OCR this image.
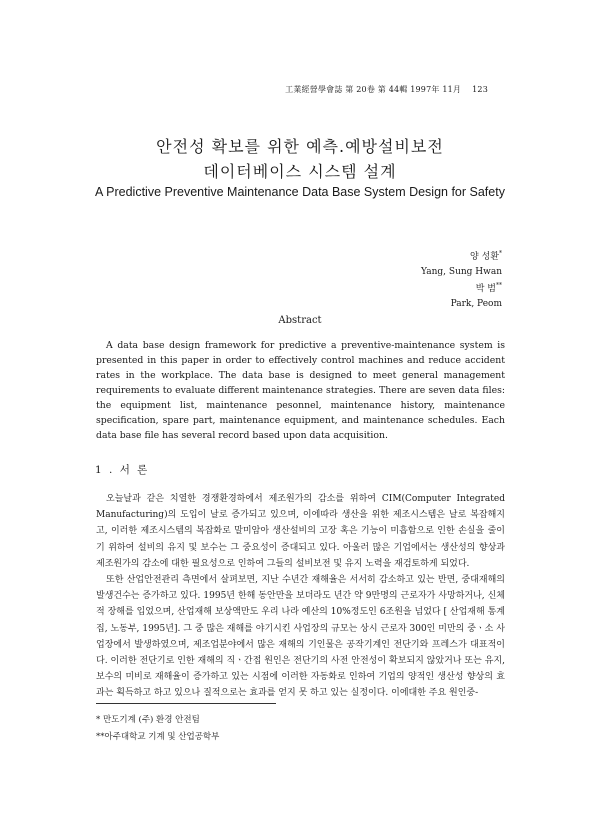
工業經營學會誌 第 20卷 第 44輯 1997年 11月 123
안전성 확보를 위한 예측.예방설비보전
데이터베이스 시스템 설계
A Predictive Preventive Maintenance Data Base System Design for Safety
양 성환*
Yang, Sung Hwan
박 범**
Park, Peom
Abstract
A data base design framework for predictive a preventive-maintenance system is presented in this paper in order to effectively control machines and reduce accident rates in the workplace. The data base is designed to meet general management requirements to evaluate different maintenance strategies. There are seven data files: the equipment list, maintenance pesonnel, maintenance history, maintenance specification, spare part, maintenance equipment, and maintenance schedules. Each data base file has several record based upon data acquisition.
1 . 서 론

오늘날과 같은 치열한 경쟁환경하에서 제조원가의 감소를 위하여 CIM(Computer Integrated Manufacturing)의 도입이 날로 증가되고 있으며, 이에따라 생산을 위한 제조시스템은 날로 복잡해지고, 이러한 제조시스템의 복잡화로 말미암아 생산설비의 고장 혹은 기능이 미흡함으로 인한 손실을 줄이기 위하여 설비의 유지 및 보수는 그 중요성이 증대되고 있다. 아울러 많은 기업에서는 생산성의 향상과 제조원가의 감소에 대한 필요성으로 인하여 그들의 설비보전 및 유지 노력을 재검토하게 되었다.

또한 산업안전관리 측면에서 살펴보면, 지난 수년간 재해율은 서서히 감소하고 있는 반면, 중대재해의 발생건수는 증가하고 있다. 1995년 한해 동안만을 보더라도 년간 약 9만명의 근로자가 사망하거나, 신체적 장해를 입었으며, 산업재해 보상액만도 우리 나라 예산의 10%정도인 6조원을 넘었다 [ 산업재해 통계집, 노동부, 1995년]. 그 중 많은 재해를 야기시킨 사업장의 규모는 상시 근로자 300인 미만의 중ㆍ소 사업장에서 발생하였으며, 제조업분야에서 많은 재해의 기인물은 공작기계인 전단기와 프레스가 대표적이다. 이러한 전단기로 인한 재해의 직ㆍ간접 원인은 전단기의 사전 안전성이 확보되지 않았거나 또는 유지, 보수의 미비로 재해율이 증가하고 있는 시점에 이러한 자동화로 인하여 기업의 양적인 생산성 향상의 효과는 획득하고 하고 있으나 질적으로는 효과를 얻지 못 하고 있는 실정이다. 이에대한 주요 원인중-

* 만도기계 (주) 환경 안전팀
**아주대학교 기계 및 산업공학부
